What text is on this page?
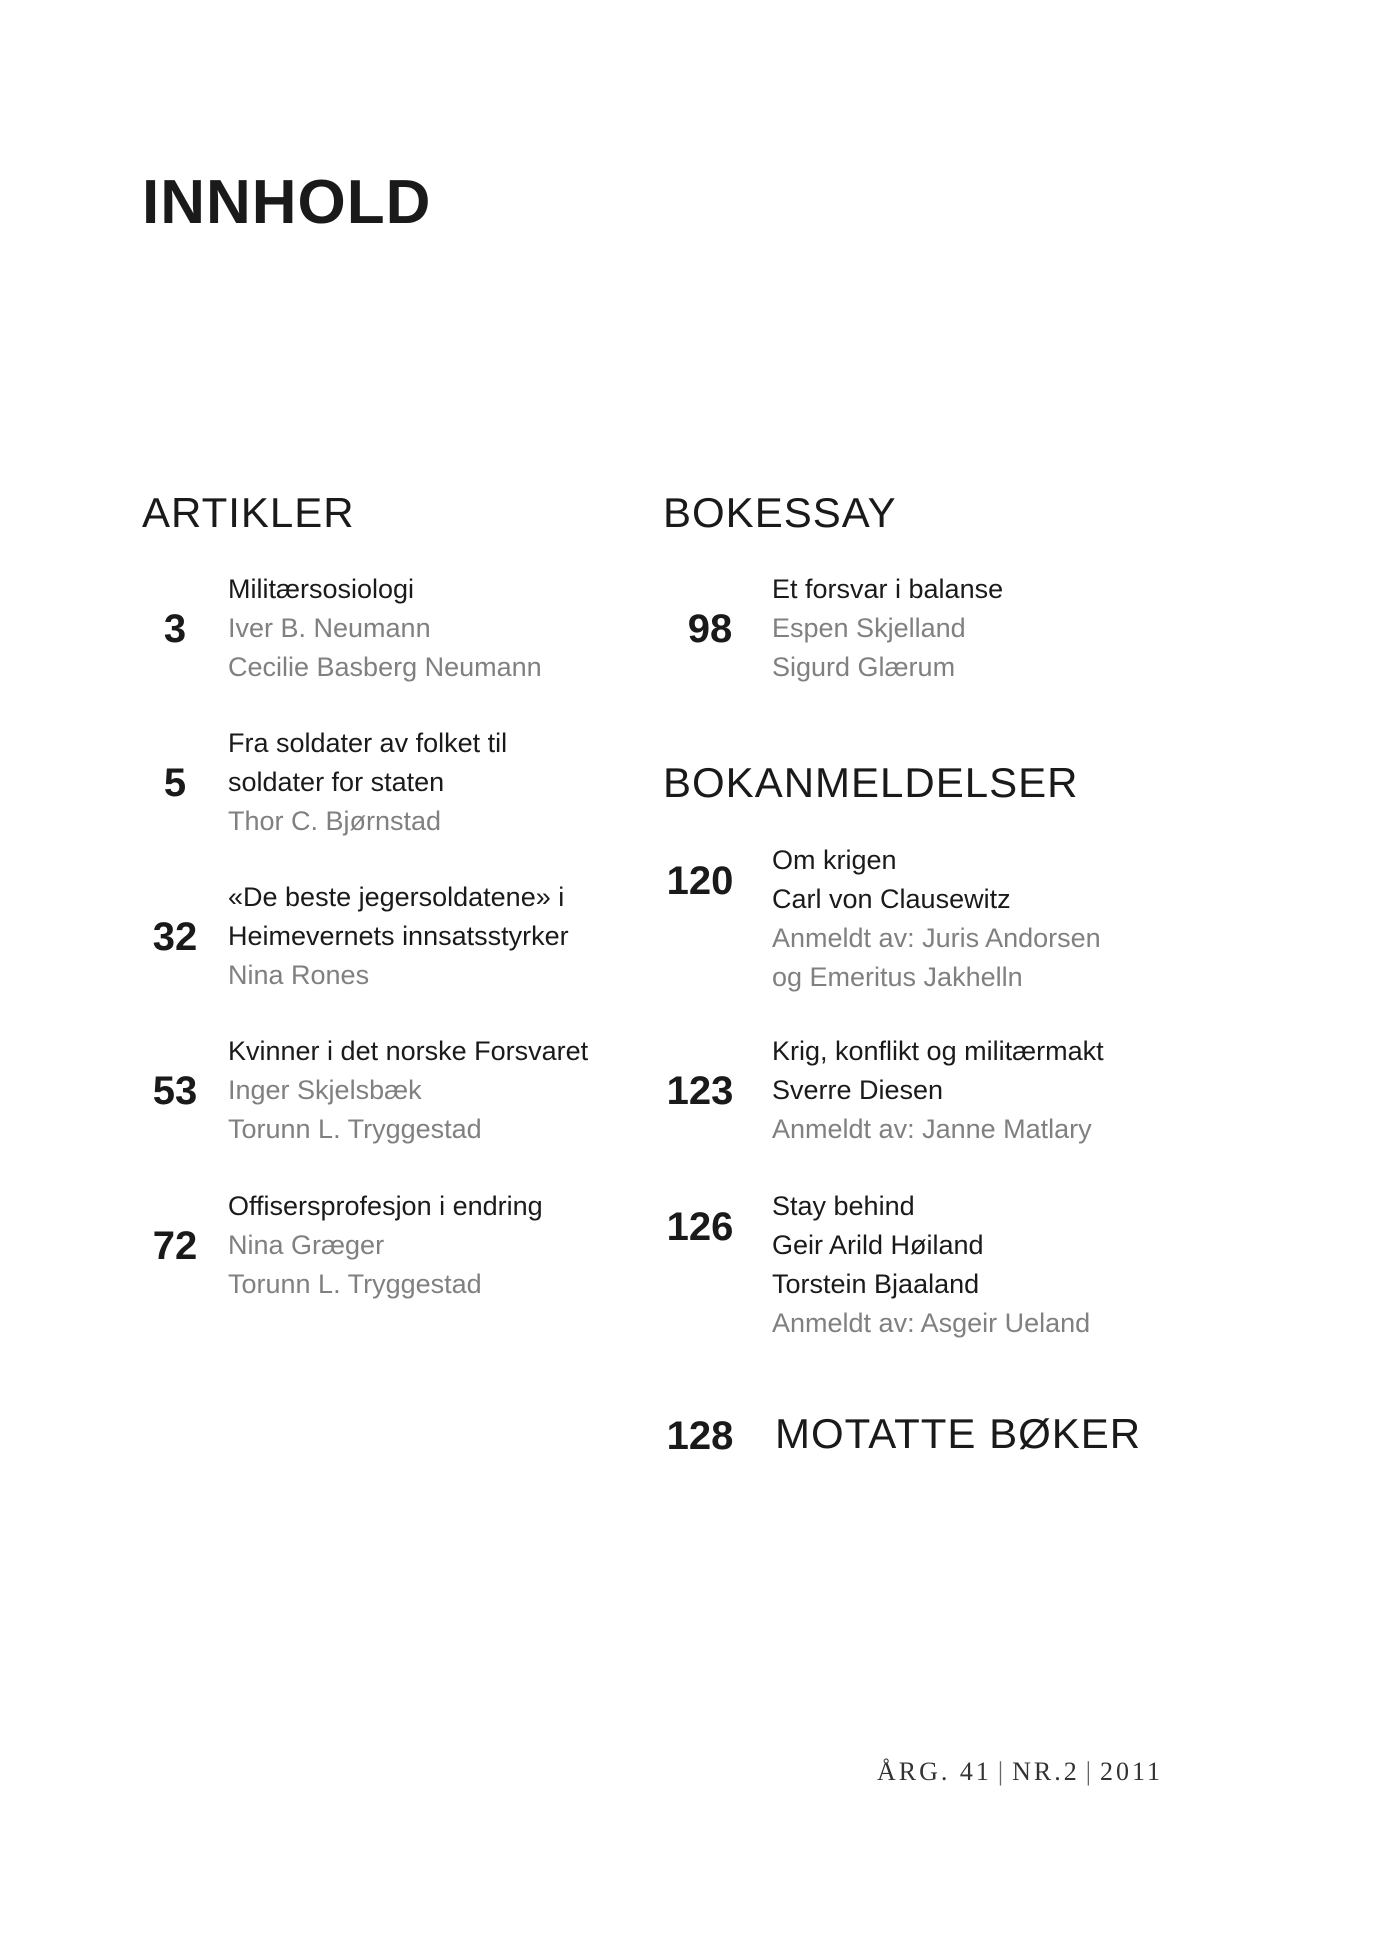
INNHOLD
ARTIKLER
3
Militærsosiologi
Iver B. Neumann
Cecilie Basberg Neumann
5
Fra soldater av folket til
soldater for staten
Thor C. Bjørnstad
32
«De beste jegersoldatene» i
Heimevernets innsatsstyrker
Nina Rones
53
Kvinner i det norske Forsvaret
Inger Skjelsbæk
Torunn L. Tryggestad
72
Offisersprofesjon i endring
Nina Græger
Torunn L. Tryggestad
BOKESSAY
98
Et forsvar i balanse
Espen Skjelland
Sigurd Glærum
BOKANMELDELSER
120 Om krigen
Carl von Clausewitz
Anmeldt av: Juris Andorsen
og Emeritus Jakhelln
123
Krig, konflikt og militærmakt
Sverre Diesen
Anmeldt av: Janne Matlary
126 Stay behind
Geir Arild Høiland
Torstein Bjaaland
Anmeldt av: Asgeir Ueland
128 MOTATTE BØKER
ÅRG. 41 | NR.2 | 2011
